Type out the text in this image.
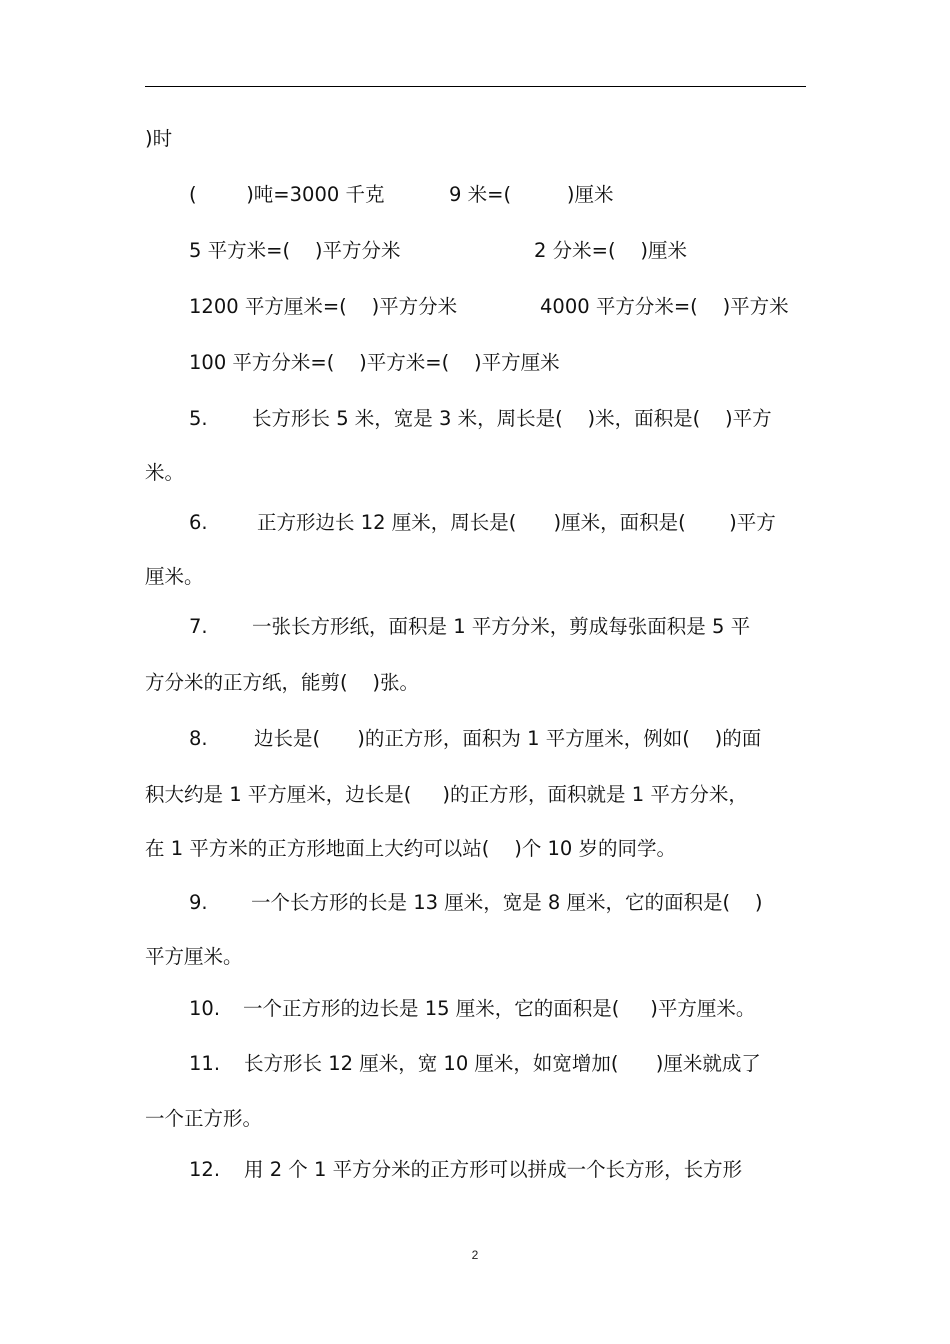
)时
(        )吨=3000 千克	9 米=(         )厘米
5 平方米=(    )平方分米	2 分米=(    )厘米
1200 平方厘米=(    )平方分米	4000 平方分米=(    )平方米
100 平方分米=(    )平方米=(    )平方厘米
5.	长方形长 5 米，宽是 3 米，周长是(    )米，面积是(    )平方
米。
6.	正方形边长 12 厘米，周长是(      )厘米，面积是(       )平方
厘米。
7.	一张长方形纸，面积是 1 平方分米，剪成每张面积是 5 平
方分米的正方纸，能剪(    )张。
8.	边长是(      )的正方形，面积为 1 平方厘米，例如(    )的面
积大约是 1 平方厘米，边长是(     )的正方形，面积就是 1 平方分米，
在 1 平方米的正方形地面上大约可以站(    )个 10 岁的同学。
9.	一个长方形的长是 13 厘米，宽是 8 厘米，它的面积是(    )
平方厘米。
10.	一个正方形的边长是 15 厘米，它的面积是(     )平方厘米。
11.	长方形长 12 厘米，宽 10 厘米，如宽增加(      )厘米就成了
一个正方形。
12.	用 2 个 1 平方分米的正方形可以拼成一个长方形，长方形
2
